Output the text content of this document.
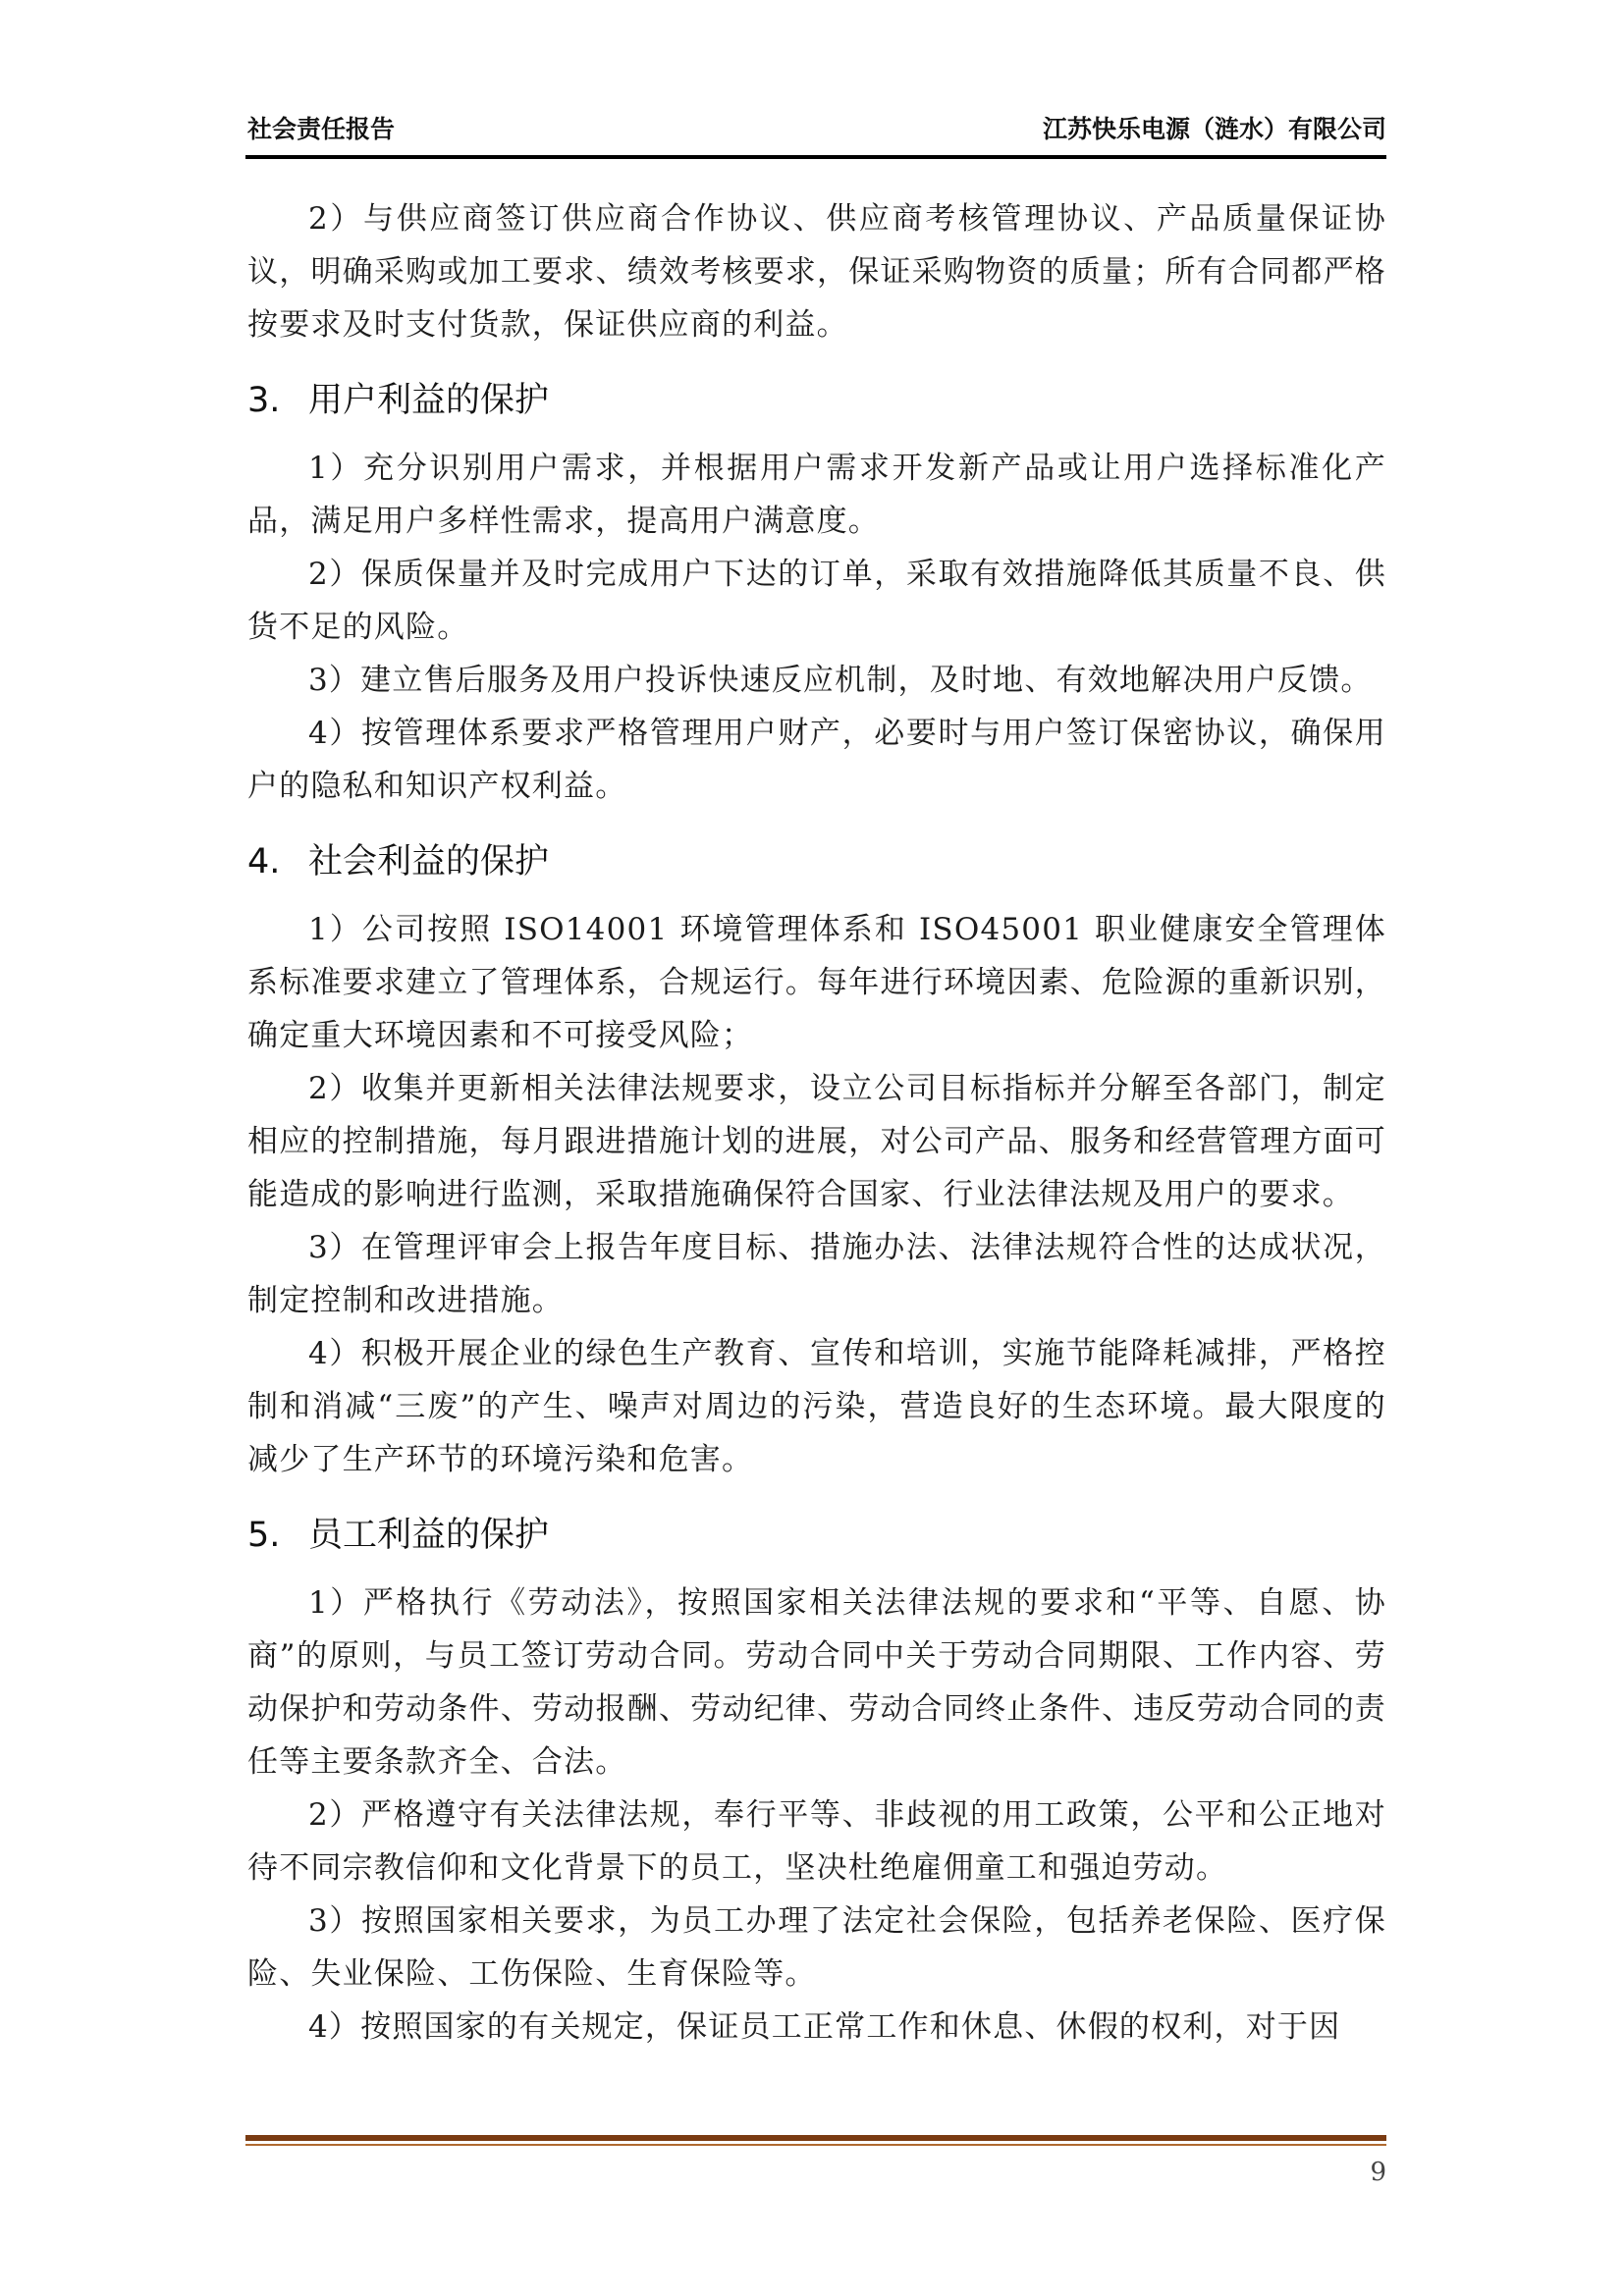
社会责任报告	江苏快乐电源（涟水）有限公司

2）与供应商签订供应商合作协议、供应商考核管理协议、产品质量保证协议，明确采购或加工要求、绩效考核要求，保证采购物资的质量；所有合同都严格按要求及时支付货款，保证供应商的利益。

3. 用户利益的保护

1）充分识别用户需求，并根据用户需求开发新产品或让用户选择标准化产品，满足用户多样性需求，提高用户满意度。

2）保质保量并及时完成用户下达的订单，采取有效措施降低其质量不良、供货不足的风险。

3）建立售后服务及用户投诉快速反应机制，及时地、有效地解决用户反馈。

4）按管理体系要求严格管理用户财产，必要时与用户签订保密协议，确保用户的隐私和知识产权利益。

4. 社会利益的保护

1）公司按照 ISO14001 环境管理体系和 ISO45001 职业健康安全管理体系标准要求建立了管理体系，合规运行。每年进行环境因素、危险源的重新识别，确定重大环境因素和不可接受风险；

2）收集并更新相关法律法规要求，设立公司目标指标并分解至各部门，制定相应的控制措施，每月跟进措施计划的进展，对公司产品、服务和经营管理方面可能造成的影响进行监测，采取措施确保符合国家、行业法律法规及用户的要求。

3）在管理评审会上报告年度目标、措施办法、法律法规符合性的达成状况，制定控制和改进措施。

4）积极开展企业的绿色生产教育、宣传和培训，实施节能降耗减排，严格控制和消减“三废”的产生、噪声对周边的污染，营造良好的生态环境。最大限度的减少了生产环节的环境污染和危害。

5. 员工利益的保护

1）严格执行《劳动法》，按照国家相关法律法规的要求和“平等、自愿、协商”的原则，与员工签订劳动合同。劳动合同中关于劳动合同期限、工作内容、劳动保护和劳动条件、劳动报酬、劳动纪律、劳动合同终止条件、违反劳动合同的责任等主要条款齐全、合法。

2）严格遵守有关法律法规，奉行平等、非歧视的用工政策，公平和公正地对待不同宗教信仰和文化背景下的员工，坚决杜绝雇佣童工和强迫劳动。

3）按照国家相关要求，为员工办理了法定社会保险，包括养老保险、医疗保险、失业保险、工伤保险、生育保险等。

4）按照国家的有关规定，保证员工正常工作和休息、休假的权利，对于因

9
